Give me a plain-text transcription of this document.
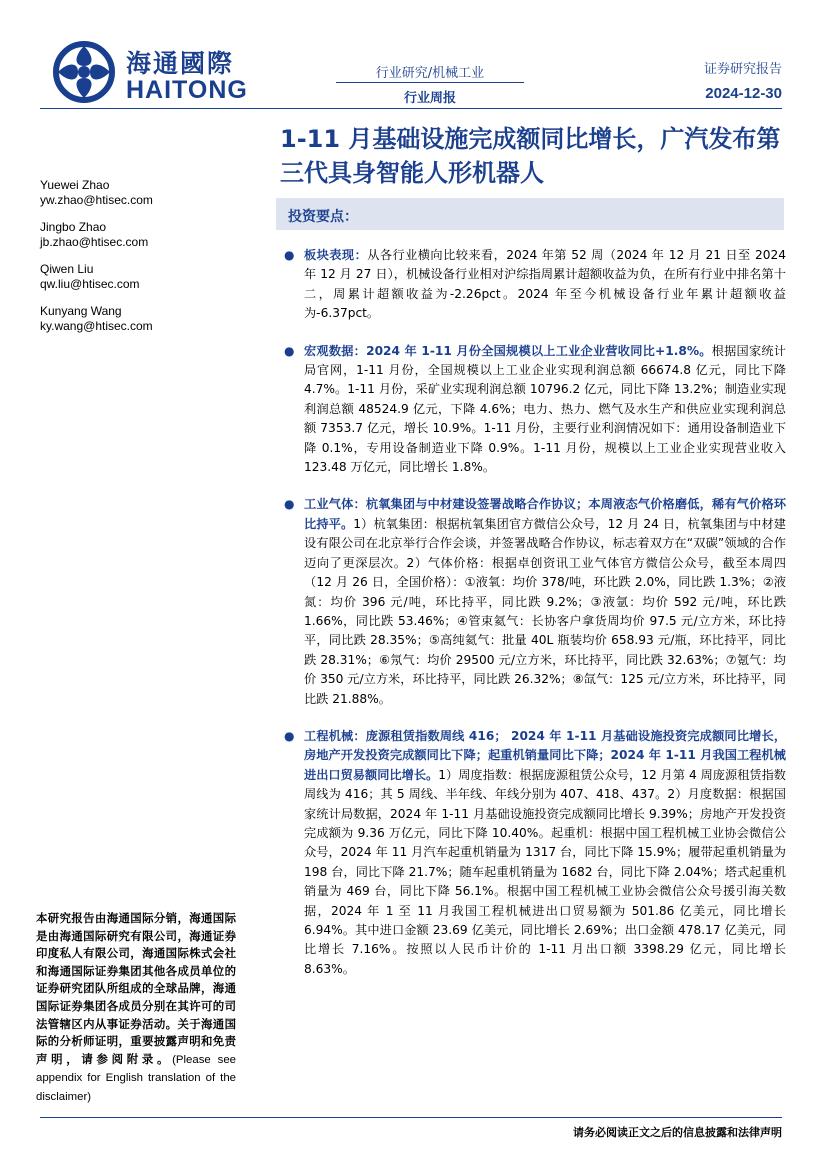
海通國際
HAITONG
行业研究/机械工业
行业周报
证券研究报告
2024-12-30
1-11 月基础设施完成额同比增长，广汽发布第三代具身智能人形机器人
Yuewei Zhao
yw.zhao@htisec.com
Jingbo Zhao
jb.zhao@htisec.com
Qiwen Liu
qw.liu@htisec.com
Kunyang Wang
ky.wang@htisec.com
投资要点：
● 板块表现：从各行业横向比较来看，2024 年第 52 周（2024 年 12 月 21 日至 2024 年 12 月 27 日），机械设备行业相对沪综指周累计超额收益为负，在所有行业中排名第十二，周累计超额收益为-2.26pct。2024 年至今机械设备行业年累计超额收益为-6.37pct。
● 宏观数据：2024 年 1-11 月份全国规模以上工业企业营收同比+1.8%。根据国家统计局官网，1-11 月份，全国规模以上工业企业实现利润总额 66674.8 亿元，同比下降 4.7%。1-11 月份，采矿业实现利润总额 10796.2 亿元，同比下降 13.2%；制造业实现利润总额 48524.9 亿元，下降 4.6%；电力、热力、燃气及水生产和供应业实现利润总额 7353.7 亿元，增长 10.9%。1-11 月份，主要行业利润情况如下：通用设备制造业下降 0.1%，专用设备制造业下降 0.9%。1-11 月份，规模以上工业企业实现营业收入 123.48 万亿元，同比增长 1.8%。
● 工业气体：杭氧集团与中材建设签署战略合作协议；本周液态气价格磨低，稀有气价格环比持平。1）杭氧集团：根据杭氧集团官方微信公众号，12 月 24 日，杭氧集团与中材建设有限公司在北京举行合作会谈，并签署战略合作协议，标志着双方在“双碳”领域的合作迈向了更深层次。2）气体价格：根据卓创资讯工业气体官方微信公众号，截至本周四（12 月 26 日，全国价格）：①液氧：均价 378/吨，环比跌 2.0%，同比跌 1.3%；②液氮：均价 396 元/吨，环比持平，同比跌 9.2%；③液氩：均价 592 元/吨，环比跌 1.66%，同比跌 53.46%；④管束氦气：长协客户拿货周均价 97.5 元/立方米，环比持平，同比跌 28.35%；⑤高纯氦气：批量 40L 瓶装均价 658.93 元/瓶，环比持平，同比跌 28.31%；⑥氖气：均价 29500 元/立方米，环比持平，同比跌 32.63%；⑦氪气：均价 350 元/立方米，环比持平，同比跌 26.32%；⑧氙气：125 元/立方米，环比持平，同比跌 21.88%。
● 工程机械：庞源租赁指数周线 416； 2024 年 1-11 月基础设施投资完成额同比增长，房地产开发投资完成额同比下降；起重机销量同比下降；2024 年 1-11 月我国工程机械进出口贸易额同比增长。1）周度指数：根据庞源租赁公众号，12 月第 4 周庞源租赁指数周线为 416；其 5 周线、半年线、年线分别为 407、418、437。2）月度数据：根据国家统计局数据，2024 年 1-11 月基础设施投资完成额同比增长 9.39%；房地产开发投资完成额为 9.36 万亿元，同比下降 10.40%。起重机：根据中国工程机械工业协会微信公众号，2024 年 11 月汽车起重机销量为 1317 台，同比下降 15.9%；履带起重机销量为 198 台，同比下降 21.7%；随车起重机销量为 1682 台，同比下降 2.04%；塔式起重机销量为 469 台，同比下降 56.1%。根据中国工程机械工业协会微信公众号援引海关数据，2024 年 1 至 11 月我国工程机械进出口贸易额为 501.86 亿美元，同比增长 6.94%。其中进口金额 23.69 亿美元，同比增长 2.69%；出口金额 478.17 亿美元，同比增长 7.16%。按照以人民币计价的 1-11 月出口额 3398.29 亿元，同比增长 8.63%。
本研究报告由海通国际分销，海通国际是由海通国际研究有限公司，海通证券印度私人有限公司，海通国际株式会社和海通国际证券集团其他各成员单位的证券研究团队所组成的全球品牌，海通国际证券集团各成员分别在其许可的司法管辖区内从事证券活动。关于海通国际的分析师证明，重要披露声明和免责声明，请参阅附录。(Please see appendix for English translation of the disclaimer)
请务必阅读正文之后的信息披露和法律声明
